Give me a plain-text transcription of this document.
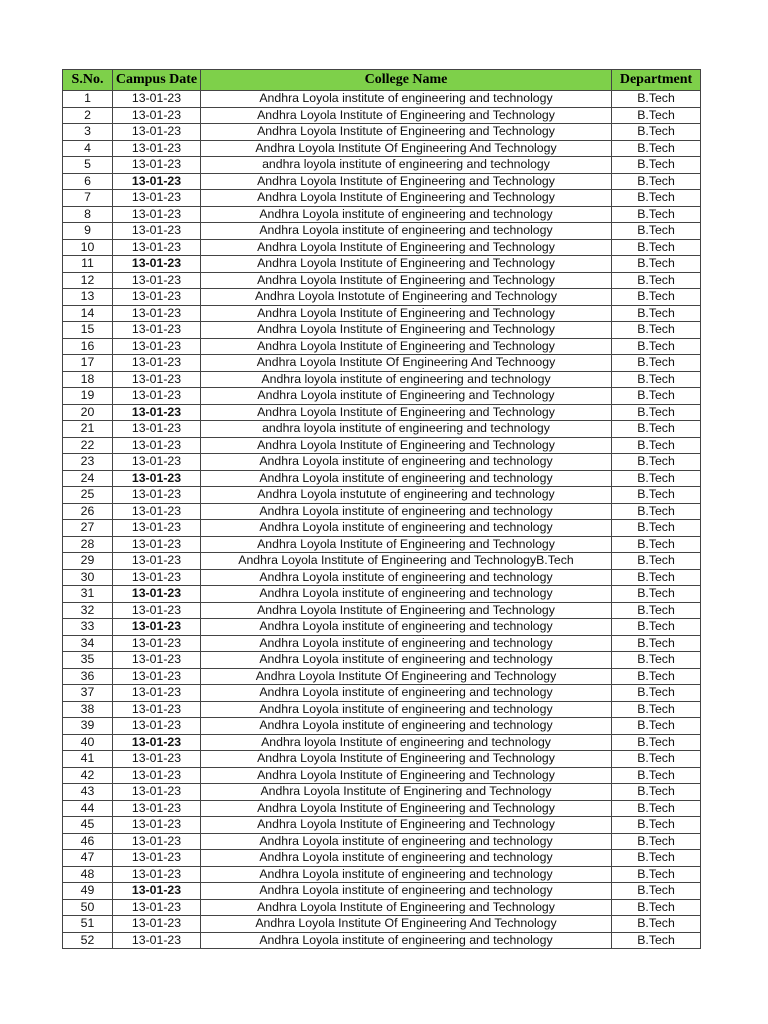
S.No.	Campus Date	College Name	Department
1	13-01-23	Andhra Loyola institute of engineering and technology	B.Tech
2	13-01-23	Andhra Loyola Institute of Engineering and Technology	B.Tech
3	13-01-23	Andhra Loyola Institute of Engineering and Technology	B.Tech
4	13-01-23	Andhra Loyola Institute Of Engineering And Technology	B.Tech
5	13-01-23	andhra loyola institute of engineering and technology	B.Tech
6	13-01-23	Andhra Loyola Institute of Engineering and Technology	B.Tech
7	13-01-23	Andhra Loyola Institute of Engineering and Technology	B.Tech
8	13-01-23	Andhra Loyola institute of engineering and technology	B.Tech
9	13-01-23	Andhra Loyola institute of engineering and technology	B.Tech
10	13-01-23	Andhra Loyola Institute of Engineering and Technology	B.Tech
11	13-01-23	Andhra Loyola Institute of Engineering and Technology	B.Tech
12	13-01-23	Andhra Loyola Institute of Engineering and Technology	B.Tech
13	13-01-23	Andhra Loyola Instotute of Engineering and Technology	B.Tech
14	13-01-23	Andhra Loyola Institute of Engineering and Technology	B.Tech
15	13-01-23	Andhra Loyola Institute of Engineering and Technology	B.Tech
16	13-01-23	Andhra Loyola Institute of Engineering and Technology	B.Tech
17	13-01-23	Andhra Loyola Institute Of Engineering And Technoogy	B.Tech
18	13-01-23	Andhra loyola institute of engineering and technology	B.Tech
19	13-01-23	Andhra Loyola institute of Engineering and Technology	B.Tech
20	13-01-23	Andhra Loyola Institute of Engineering and Technology	B.Tech
21	13-01-23	andhra loyola institute of engineering and technology	B.Tech
22	13-01-23	Andhra Loyola Institute of Engineering and Technology	B.Tech
23	13-01-23	Andhra Loyola institute of engineering and technology	B.Tech
24	13-01-23	Andhra Loyola institute of engineering and technology	B.Tech
25	13-01-23	Andhra Loyola instutute of engineering and technology	B.Tech
26	13-01-23	Andhra Loyola institute of engineering and technology	B.Tech
27	13-01-23	Andhra Loyola institute of engineering and technology	B.Tech
28	13-01-23	Andhra Loyola Institute of Engineering and Technology	B.Tech
29	13-01-23	Andhra Loyola Institute of Engineering and TechnologyB.Tech	B.Tech
30	13-01-23	Andhra Loyola institute of engineering and technology	B.Tech
31	13-01-23	Andhra Loyola institute of engineering and technology	B.Tech
32	13-01-23	Andhra Loyola Institute of Engineering and Technology	B.Tech
33	13-01-23	Andhra Loyola institute of engineering and technology	B.Tech
34	13-01-23	Andhra Loyola institute of engineering and technology	B.Tech
35	13-01-23	Andhra Loyola institute of engineering and technology	B.Tech
36	13-01-23	Andhra Loyola Institute Of Engineering and Technology	B.Tech
37	13-01-23	Andhra Loyola institute of engineering and technology	B.Tech
38	13-01-23	Andhra Loyola institute of engineering and technology	B.Tech
39	13-01-23	Andhra Loyola institute of engineering and technology	B.Tech
40	13-01-23	Andhra loyola Institute of engineering and technology	B.Tech
41	13-01-23	Andhra Loyola Institute of Engineering and Technology	B.Tech
42	13-01-23	Andhra Loyola Institute of Engineering and Technology	B.Tech
43	13-01-23	Andhra Loyola Institute of Enginering and Technology	B.Tech
44	13-01-23	Andhra Loyola Institute of Engineering and Technology	B.Tech
45	13-01-23	Andhra Loyola Institute of Engineering and Technology	B.Tech
46	13-01-23	Andhra Loyola institute of engineering and technology	B.Tech
47	13-01-23	Andhra Loyola institute of engineering and technology	B.Tech
48	13-01-23	Andhra Loyola institute of engineering and technology	B.Tech
49	13-01-23	Andhra Loyola institute of engineering and technology	B.Tech
50	13-01-23	Andhra Loyola Institute of Engineering and Technology	B.Tech
51	13-01-23	Andhra Loyola Institute Of Engineering And Technology	B.Tech
52	13-01-23	Andhra Loyola institute of engineering and technology	B.Tech
